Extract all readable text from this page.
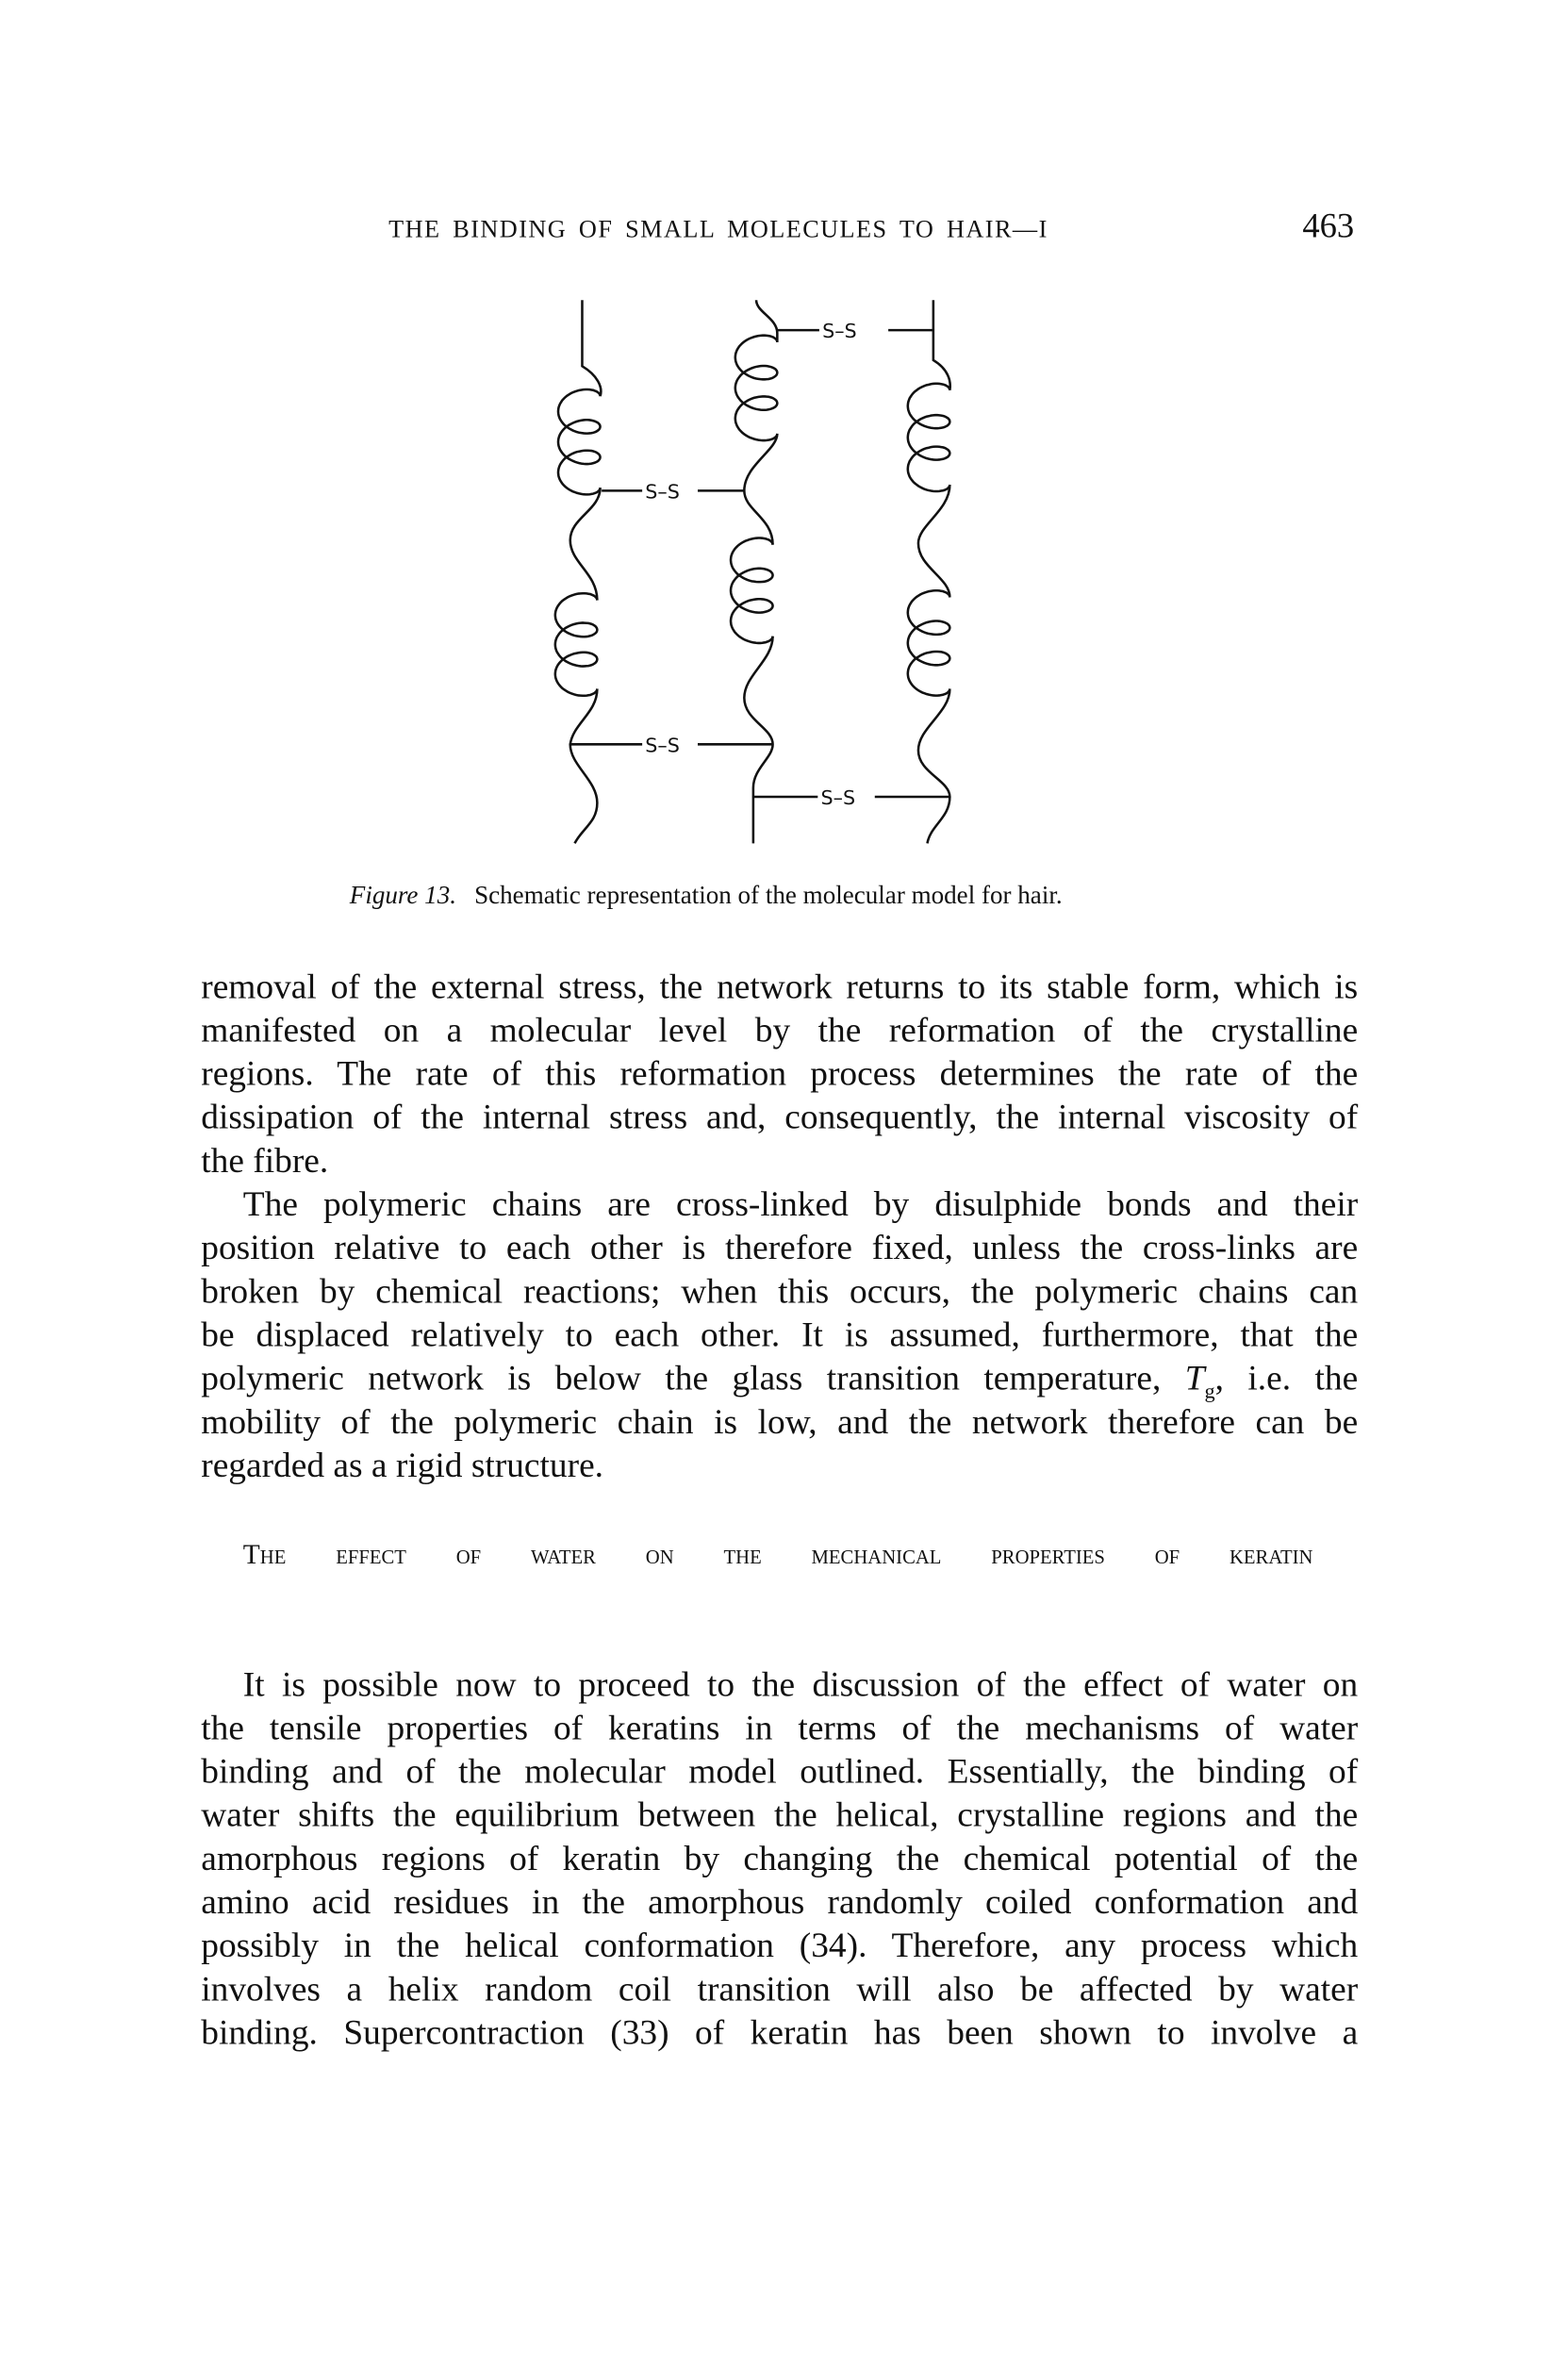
THE BINDING OF SMALL MOLECULES TO HAIR—I	463
S–S
S–S
S–S
S–S
Figure 13. Schematic representation of the molecular model for hair.
removal of the external stress, the network returns to its stable form, which is
manifested on a molecular level by the reformation of the crystalline
regions. The rate of this reformation process determines the rate of the
dissipation of the internal stress and, consequently, the internal viscosity of
the fibre.
The polymeric chains are cross-linked by disulphide bonds and their
position relative to each other is therefore fixed, unless the cross-links are
broken by chemical reactions; when this occurs, the polymeric chains can
be displaced relatively to each other. It is assumed, furthermore, that the
polymeric network is below the glass transition temperature, $T_g$, i.e. the
mobility of the polymeric chain is low, and the network therefore can be
regarded as a rigid structure.
The effect of water on the mechanical properties of keratin
It is possible now to proceed to the discussion of the effect of water on
the tensile properties of keratins in terms of the mechanisms of water
binding and of the molecular model outlined. Essentially, the binding of
water shifts the equilibrium between the helical, crystalline regions and the
amorphous regions of keratin by changing the chemical potential of the
amino acid residues in the amorphous randomly coiled conformation and
possibly in the helical conformation (34). Therefore, any process which
involves a helix random coil transition will also be affected by water
binding. Supercontraction (33) of keratin has been shown to involve a
